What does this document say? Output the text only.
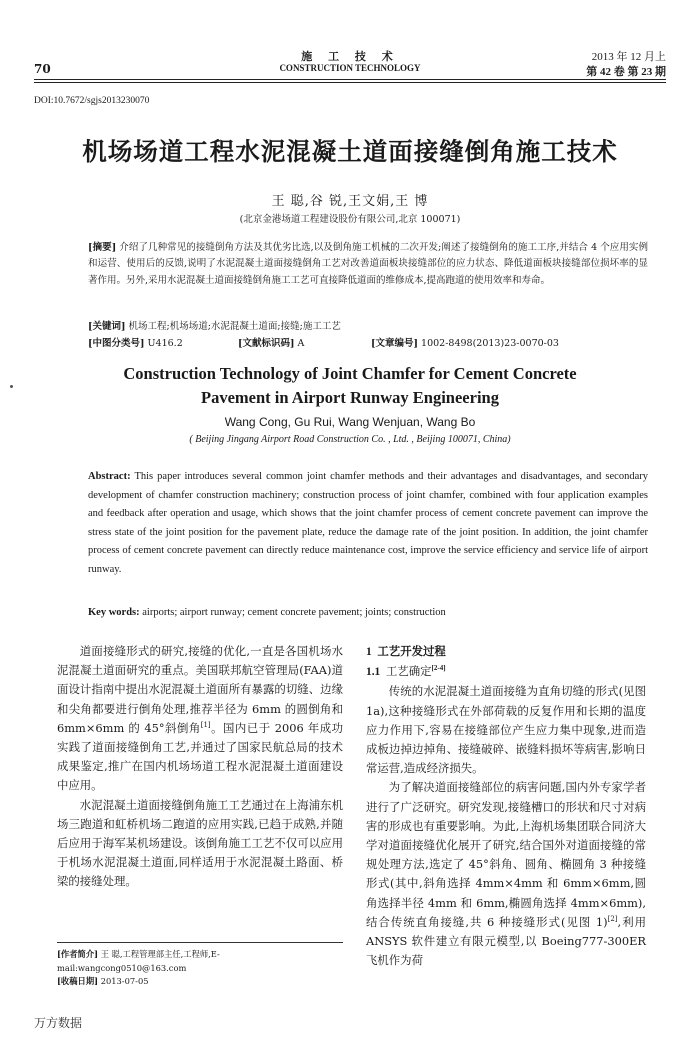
70
施 工 技 术
CONSTRUCTION TECHNOLOGY
2013 年 12 月上
第 42 卷 第 23 期
DOI:10.7672/sgjs2013230070
机场场道工程水泥混凝土道面接缝倒角施工技术
王 聪,谷 锐,王文娟,王 博
(北京金港场道工程建设股份有限公司,北京 100071)
[摘要] 介绍了几种常见的接缝倒角方法及其优劣比选,以及倒角施工机械的二次开发;阐述了接缝倒角的施工工序,并结合 4 个应用实例和运营、使用后的反馈,说明了水泥混凝土道面接缝倒角工艺对改善道面板块接缝部位的应力状态、降低道面板块接缝部位损坏率的显著作用。另外,采用水泥混凝土道面接缝倒角施工工艺可直接降低道面的维修成本,提高跑道的使用效率和寿命。
[关键词] 机场工程;机场场道;水泥混凝土道面;接缝;施工工艺
[中图分类号] U416.2	[文献标识码] A	[文章编号] 1002-8498(2013)23-0070-03
Construction Technology of Joint Chamfer for Cement Concrete
Pavement in Airport Runway Engineering
Wang Cong, Gu Rui, Wang Wenjuan, Wang Bo
( Beijing Jingang Airport Road Construction Co. , Ltd. , Beijing 100071, China)
Abstract: This paper introduces several common joint chamfer methods and their advantages and disadvantages, and secondary development of chamfer construction machinery; construction process of joint chamfer, combined with four application examples and feedback after operation and usage, which shows that the joint chamfer process of cement concrete pavement can improve the stress state of the joint position for the pavement plate, reduce the damage rate of the joint position. In addition, the joint chamfer process of cement concrete pavement can directly reduce maintenance cost, improve the service efficiency and service life of airport runway.
Key words: airports; airport runway; cement concrete pavement; joints; construction

道面接缝形式的研究,接缝的优化,一直是各国机场水泥混凝土道面研究的重点。美国联邦航空管理局(FAA)道面设计指南中提出水泥混凝土道面所有暴露的切缝、边缘和尖角都要进行倒角处理,推荐半径为 6mm 的圆倒角和 6mm×6mm 的 45°斜倒角[1]。国内已于 2006 年成功实践了道面接缝倒角工艺,并通过了国家民航总局的技术成果鉴定,推广在国内机场场道工程水泥混凝土道面建设中应用。

水泥混凝土道面接缝倒角施工工艺通过在上海浦东机场三跑道和虹桥机场二跑道的应用实践,已趋于成熟,并随后应用于海军某机场建设。该倒角施工工艺不仅可以应用于机场水泥混凝土道面,同样适用于水泥混凝土路面、桥梁的接缝处理。

[作者简介] 王 聪,工程管理部主任,工程师,E-mail:wangcong0510@163.com
[收稿日期] 2013-07-05

1 工艺开发过程

1.1 工艺确定[2-4]

传统的水泥混凝土道面接缝为直角切缝的形式(见图 1a),这种接缝形式在外部荷载的反复作用和长期的温度应力作用下,容易在接缝部位产生应力集中现象,进而造成板边掉边掉角、接缝破碎、嵌缝料损坏等病害,影响日常运营,造成经济损失。

为了解决道面接缝部位的病害问题,国内外专家学者进行了广泛研究。研究发现,接缝槽口的形状和尺寸对病害的形成也有重要影响。为此,上海机场集团联合同济大学对道面接缝优化展开了研究,结合国外对道面接缝的常规处理方法,选定了 45°斜角、圆角、椭圆角 3 种接缝形式(其中,斜角选择 4mm×4mm 和 6mm×6mm,圆角选择半径 4mm 和 6mm,椭圆角选择 4mm×6mm),结合传统直角接缝,共 6 种接缝形式(见图 1)[2],利用 ANSYS 软件建立有限元模型,以 Boeing777-300ER 飞机作为荷

万方数据
